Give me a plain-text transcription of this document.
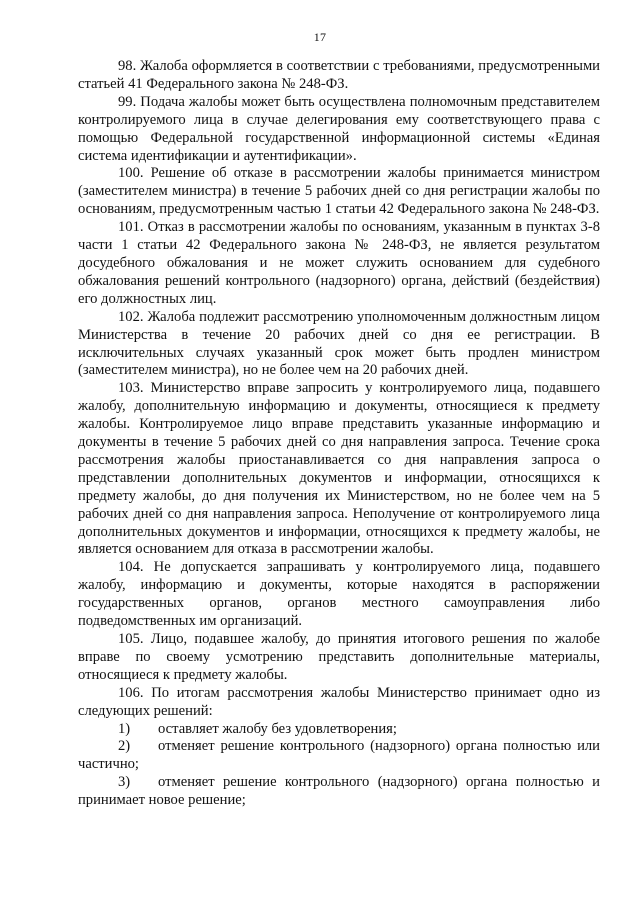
17

98. Жалоба оформляется в соответствии с требованиями, предусмотренными статьей 41 Федерального закона № 248-ФЗ.

99. Подача жалобы может быть осуществлена полномочным представителем контролируемого лица в случае делегирования ему соответствующего права с помощью Федеральной государственной информационной системы «Единая система идентификации и аутентификации».

100. Решение об отказе в рассмотрении жалобы принимается министром (заместителем министра) в течение 5 рабочих дней со дня регистрации жалобы по основаниям, предусмотренным частью 1 статьи 42 Федерального закона № 248-ФЗ.

101. Отказ в рассмотрении жалобы по основаниям, указанным в пунктах 3-8 части 1 статьи 42 Федерального закона № 248-ФЗ, не является результатом досудебного обжалования и не может служить основанием для судебного обжалования решений контрольного (надзорного) органа, действий (бездействия) его должностных лиц.

102. Жалоба подлежит рассмотрению уполномоченным должностным лицом Министерства в течение 20 рабочих дней со дня ее регистрации. В исключительных случаях указанный срок может быть продлен министром (заместителем министра), но не более чем на 20 рабочих дней.

103. Министерство вправе запросить у контролируемого лица, подавшего жалобу, дополнительную информацию и документы, относящиеся к предмету жалобы. Контролируемое лицо вправе представить указанные информацию и документы в течение 5 рабочих дней со дня направления запроса. Течение срока рассмотрения жалобы приостанавливается со дня направления запроса о представлении дополнительных документов и информации, относящихся к предмету жалобы, до дня получения их Министерством, но не более чем на 5 рабочих дней со дня направления запроса. Неполучение от контролируемого лица дополнительных документов и информации, относящихся к предмету жалобы, не является основанием для отказа в рассмотрении жалобы.

104. Не допускается запрашивать у контролируемого лица, подавшего жалобу, информацию и документы, которые находятся в распоряжении государственных органов, органов местного самоуправления либо подведомственных им организаций.

105. Лицо, подавшее жалобу, до принятия итогового решения по жалобе вправе по своему усмотрению представить дополнительные материалы, относящиеся к предмету жалобы.

106. По итогам рассмотрения жалобы Министерство принимает одно из следующих решений:

1) оставляет жалобу без удовлетворения;

2) отменяет решение контрольного (надзорного) органа полностью или частично;

3) отменяет решение контрольного (надзорного) органа полностью и принимает новое решение;
